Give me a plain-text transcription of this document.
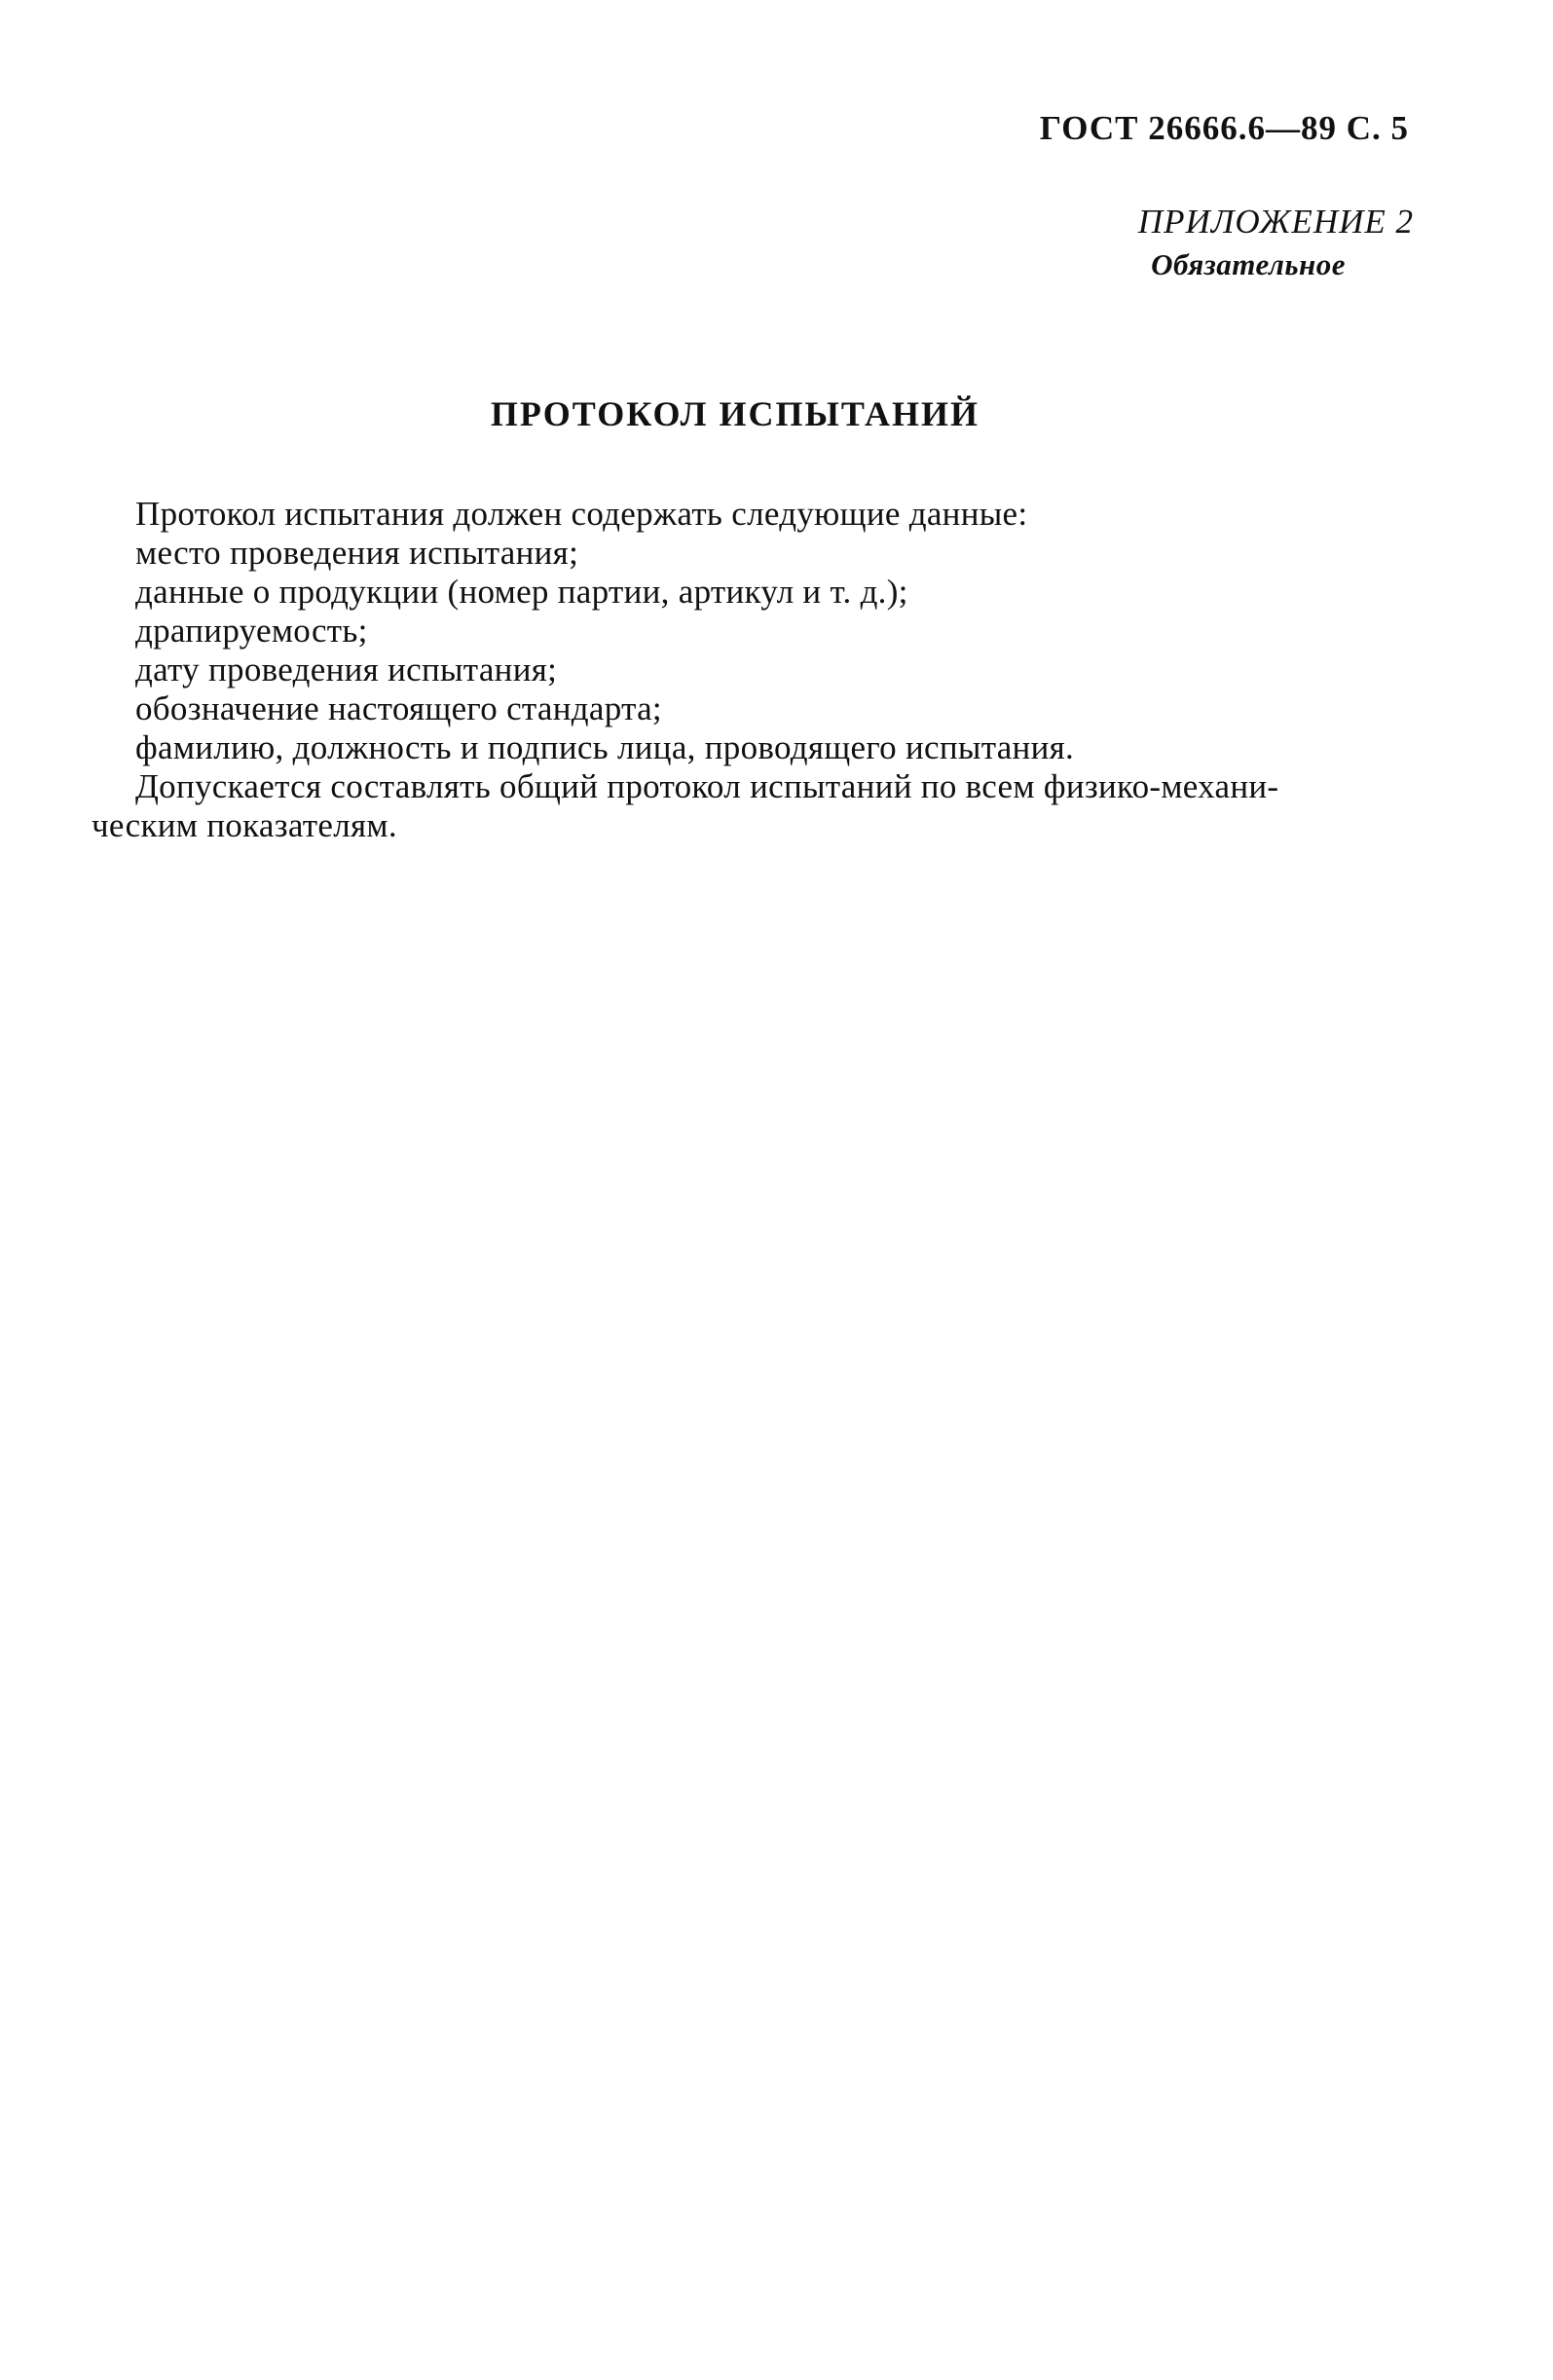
ГОСТ 26666.6—89 С. 5
ПРИЛОЖЕНИЕ 2
Обязательное
ПРОТОКОЛ ИСПЫТАНИЙ

Протокол испытания должен содержать следующие данные:

место проведения испытания;

данные о продукции (номер партии, артикул и т. д.);

драпируемость;

дату проведения испытания;

обозначение настоящего стандарта;

фамилию, должность и подпись лица, проводящего испытания.

Допускается составлять общий протокол испытаний по всем физико-механи-

ческим показателям.
